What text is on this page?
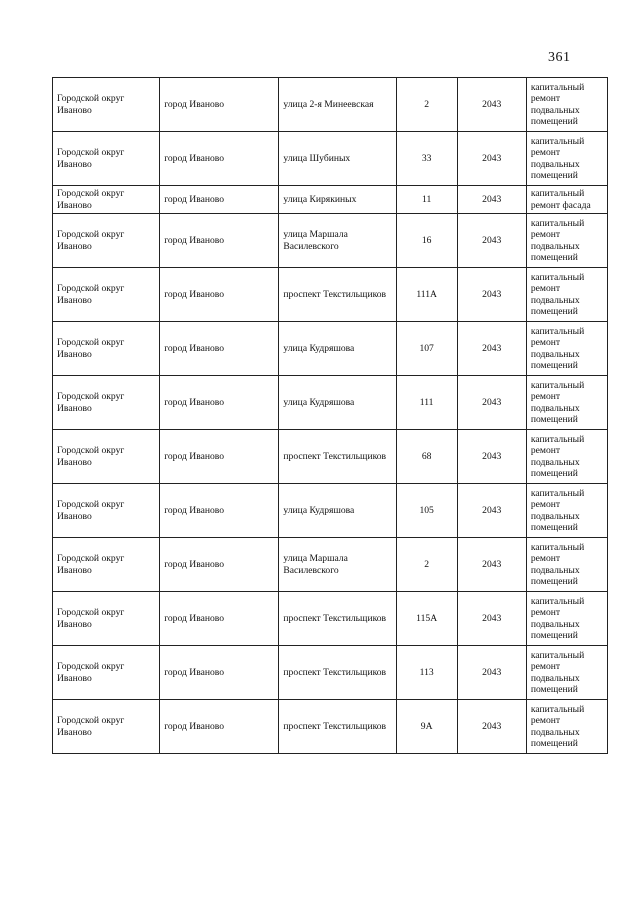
361
Городской округ Иваново	город Иваново	улица 2-я Минеевская	2	2043	капитальный ремонт подвальных помещений
Городской округ Иваново	город Иваново	улица Шубиных	33	2043	капитальный ремонт подвальных помещений
Городской округ Иваново	город Иваново	улица Кирякиных	11	2043	капитальный ремонт фасада
Городской округ Иваново	город Иваново	улица Маршала Василевского	16	2043	капитальный ремонт подвальных помещений
Городской округ Иваново	город Иваново	проспект Текстильщиков	111А	2043	капитальный ремонт подвальных помещений
Городской округ Иваново	город Иваново	улица Кудряшова	107	2043	капитальный ремонт подвальных помещений
Городской округ Иваново	город Иваново	улица Кудряшова	111	2043	капитальный ремонт подвальных помещений
Городской округ Иваново	город Иваново	проспект Текстильщиков	68	2043	капитальный ремонт подвальных помещений
Городской округ Иваново	город Иваново	улица Кудряшова	105	2043	капитальный ремонт подвальных помещений
Городской округ Иваново	город Иваново	улица Маршала Василевского	2	2043	капитальный ремонт подвальных помещений
Городской округ Иваново	город Иваново	проспект Текстильщиков	115А	2043	капитальный ремонт подвальных помещений
Городской округ Иваново	город Иваново	проспект Текстильщиков	113	2043	капитальный ремонт подвальных помещений
Городской округ Иваново	город Иваново	проспект Текстильщиков	9А	2043	капитальный ремонт подвальных помещений
